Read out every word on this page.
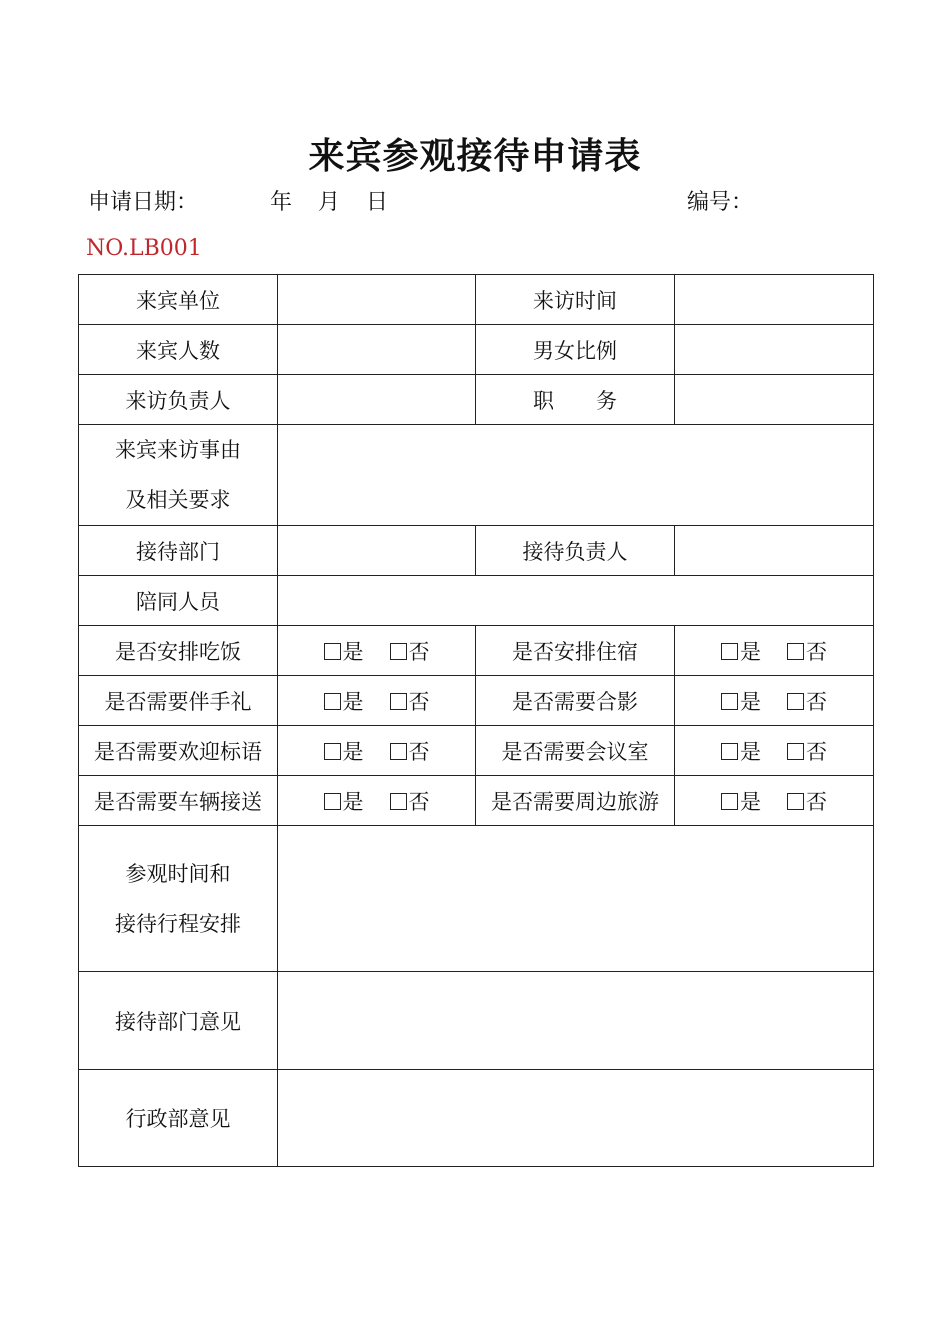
来宾参观接待申请表
申请日期：	年 月 日	编号：
NO.LB001
来宾单位		来访时间	
来宾人数		男女比例	
来访负责人		职　　务	

来宾来访事由
及相关要求			

接待部门		接待负责人	
陪同人员			
是否安排吃饭	是 否	是否安排住宿	是 否
是否需要伴手礼	是 否	是否需要合影	是 否
是否需要欢迎标语	是 否	是否需要会议室	是 否
是否需要车辆接送	是 否	是否需要周边旅游	是 否

参观时间和
接待行程安排			

接待部门意见			
行政部意见			
